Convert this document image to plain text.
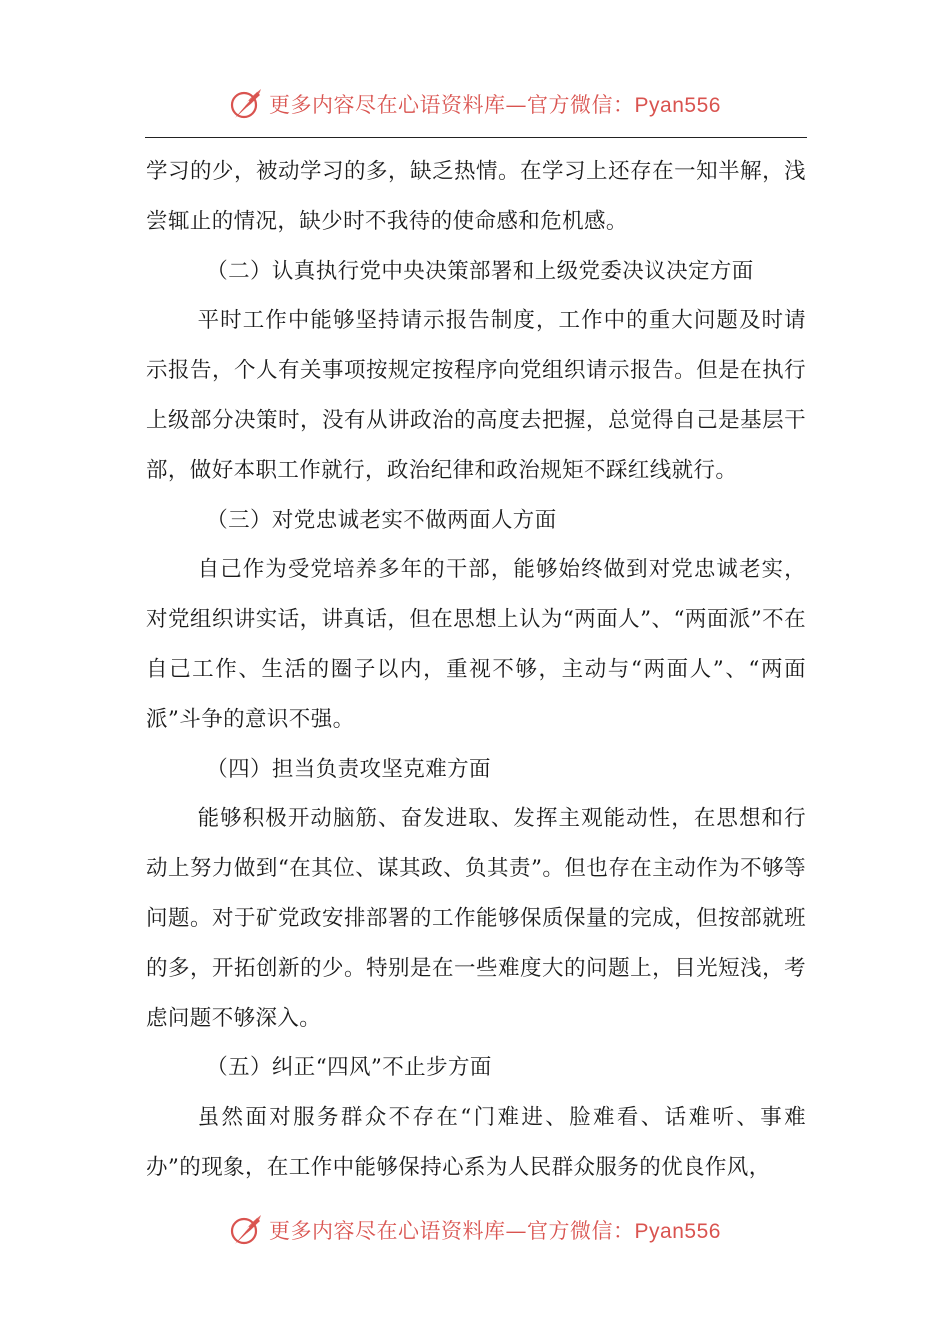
更多内容尽在心语资料库—官方微信：Pyan556

学习的少，被动学习的多，缺乏热情。在学习上还存在一知半解，浅尝辄止的情况，缺少时不我待的使命感和危机感。

（二）认真执行党中央决策部署和上级党委决议决定方面

平时工作中能够坚持请示报告制度，工作中的重大问题及时请示报告，个人有关事项按规定按程序向党组织请示报告。但是在执行上级部分决策时，没有从讲政治的高度去把握，总觉得自己是基层干部，做好本职工作就行，政治纪律和政治规矩不踩红线就行。

（三）对党忠诚老实不做两面人方面

自己作为受党培养多年的干部，能够始终做到对党忠诚老实，对党组织讲实话，讲真话，但在思想上认为“两面人”、“两面派”不在自己工作、生活的圈子以内，重视不够，主动与“两面人”、“两面派”斗争的意识不强。

（四）担当负责攻坚克难方面

能够积极开动脑筋、奋发进取、发挥主观能动性，在思想和行动上努力做到“在其位、谋其政、负其责”。但也存在主动作为不够等问题。对于矿党政安排部署的工作能够保质保量的完成，但按部就班的多，开拓创新的少。特别是在一些难度大的问题上，目光短浅，考虑问题不够深入。

（五）纠正“四风”不止步方面

虽然面对服务群众不存在“门难进、脸难看、话难听、事难办”的现象，在工作中能够保持心系为人民群众服务的优良作风，

更多内容尽在心语资料库—官方微信：Pyan556
